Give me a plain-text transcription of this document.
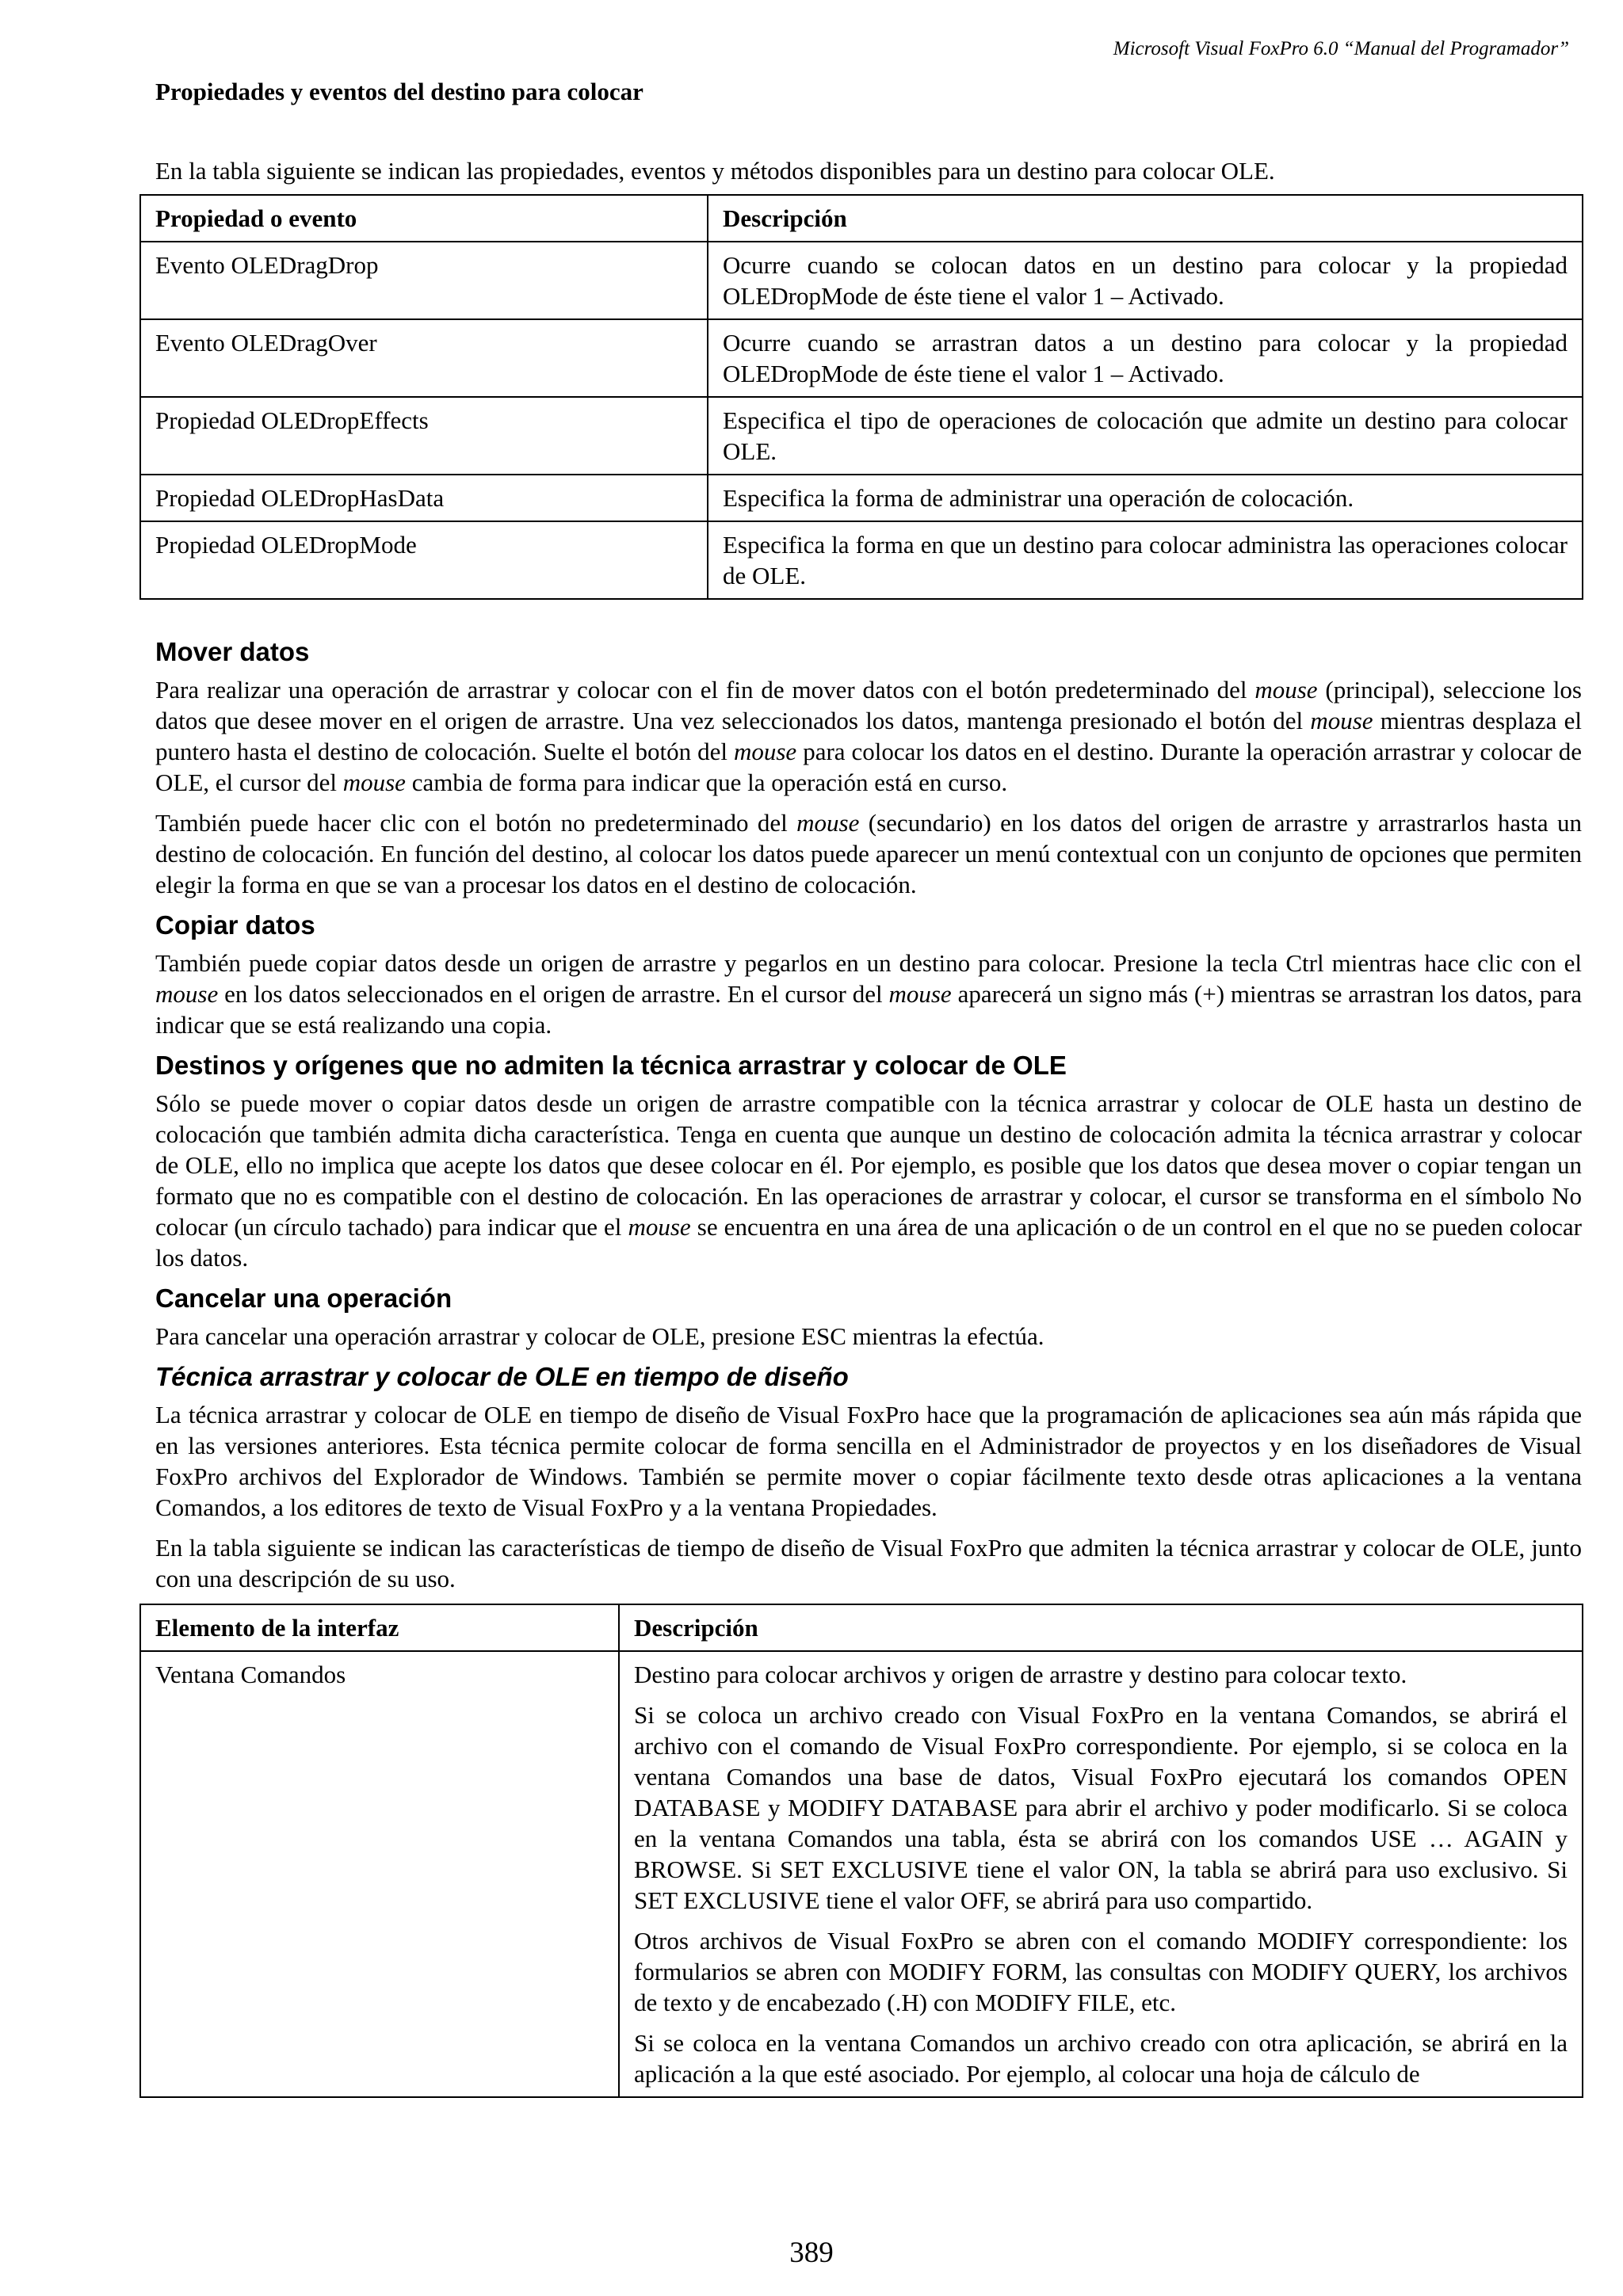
Microsoft Visual FoxPro 6.0 “Manual del Programador”
Propiedades y eventos del destino para colocar

En la tabla siguiente se indican las propiedades, eventos y métodos disponibles para un destino para colocar OLE.

Propiedad o evento	Descripción
Evento OLEDragDrop	Ocurre cuando se colocan datos en un destino para colocar y la propiedad OLEDropMode de éste tiene el valor 1 – Activado.
Evento OLEDragOver	Ocurre cuando se arrastran datos a un destino para colocar y la propiedad OLEDropMode de éste tiene el valor 1 – Activado.
Propiedad OLEDropEffects	Especifica el tipo de operaciones de colocación que admite un destino para colocar OLE.
Propiedad OLEDropHasData	Especifica la forma de administrar una operación de colocación.
Propiedad OLEDropMode	Especifica la forma en que un destino para colocar administra las operaciones colocar de OLE.
Mover datos

Para realizar una operación de arrastrar y colocar con el fin de mover datos con el botón predeterminado del mouse (principal), seleccione los datos que desee mover en el origen de arrastre. Una vez seleccionados los datos, mantenga presionado el botón del mouse mientras desplaza el puntero hasta el destino de colocación. Suelte el botón del mouse para colocar los datos en el destino. Durante la operación arrastrar y colocar de OLE, el cursor del mouse cambia de forma para indicar que la operación está en curso.

También puede hacer clic con el botón no predeterminado del mouse (secundario) en los datos del origen de arrastre y arrastrarlos hasta un destino de colocación. En función del destino, al colocar los datos puede aparecer un menú contextual con un conjunto de opciones que permiten elegir la forma en que se van a procesar los datos en el destino de colocación.

Copiar datos

También puede copiar datos desde un origen de arrastre y pegarlos en un destino para colocar. Presione la tecla Ctrl mientras hace clic con el mouse en los datos seleccionados en el origen de arrastre. En el cursor del mouse aparecerá un signo más (+) mientras se arrastran los datos, para indicar que se está realizando una copia.

Destinos y orígenes que no admiten la técnica arrastrar y colocar de OLE

Sólo se puede mover o copiar datos desde un origen de arrastre compatible con la técnica arrastrar y colocar de OLE hasta un destino de colocación que también admita dicha característica. Tenga en cuenta que aunque un destino de colocación admita la técnica arrastrar y colocar de OLE, ello no implica que acepte los datos que desee colocar en él. Por ejemplo, es posible que los datos que desea mover o copiar tengan un formato que no es compatible con el destino de colocación. En las operaciones de arrastrar y colocar, el cursor se transforma en el símbolo No colocar (un círculo tachado) para indicar que el mouse se encuentra en una área de una aplicación o de un control en el que no se pueden colocar los datos.

Cancelar una operación

Para cancelar una operación arrastrar y colocar de OLE, presione ESC mientras la efectúa.

Técnica arrastrar y colocar de OLE en tiempo de diseño

La técnica arrastrar y colocar de OLE en tiempo de diseño de Visual FoxPro hace que la programación de aplicaciones sea aún más rápida que en las versiones anteriores. Esta técnica permite colocar de forma sencilla en el Administrador de proyectos y en los diseñadores de Visual FoxPro archivos del Explorador de Windows. También se permite mover o copiar fácilmente texto desde otras aplicaciones a la ventana Comandos, a los editores de texto de Visual FoxPro y a la ventana Propiedades.

En la tabla siguiente se indican las características de tiempo de diseño de Visual FoxPro que admiten la técnica arrastrar y colocar de OLE, junto con una descripción de su uso.

Elemento de la interfaz	Descripción
Ventana Comandos	Destino para colocar archivos y origen de arrastre y destino para colocar texto.

Si se coloca un archivo creado con Visual FoxPro en la ventana Comandos, se abrirá el archivo con el comando de Visual FoxPro correspondiente. Por ejemplo, si se coloca en la ventana Comandos una base de datos, Visual FoxPro ejecutará los comandos OPEN DATABASE y MODIFY DATABASE para abrir el archivo y poder modificarlo. Si se coloca en la ventana Comandos una tabla, ésta se abrirá con los comandos USE … AGAIN y BROWSE. Si SET EXCLUSIVE tiene el valor ON, la tabla se abrirá para uso exclusivo. Si SET EXCLUSIVE tiene el valor OFF, se abrirá para uso compartido.

Otros archivos de Visual FoxPro se abren con el comando MODIFY correspondiente: los formularios se abren con MODIFY FORM, las consultas con MODIFY QUERY, los archivos de texto y de encabezado (.H) con MODIFY FILE, etc.

Si se coloca en la ventana Comandos un archivo creado con otra aplicación, se abrirá en la aplicación a la que esté asociado. Por ejemplo, al colocar una hoja de cálculo de

389
